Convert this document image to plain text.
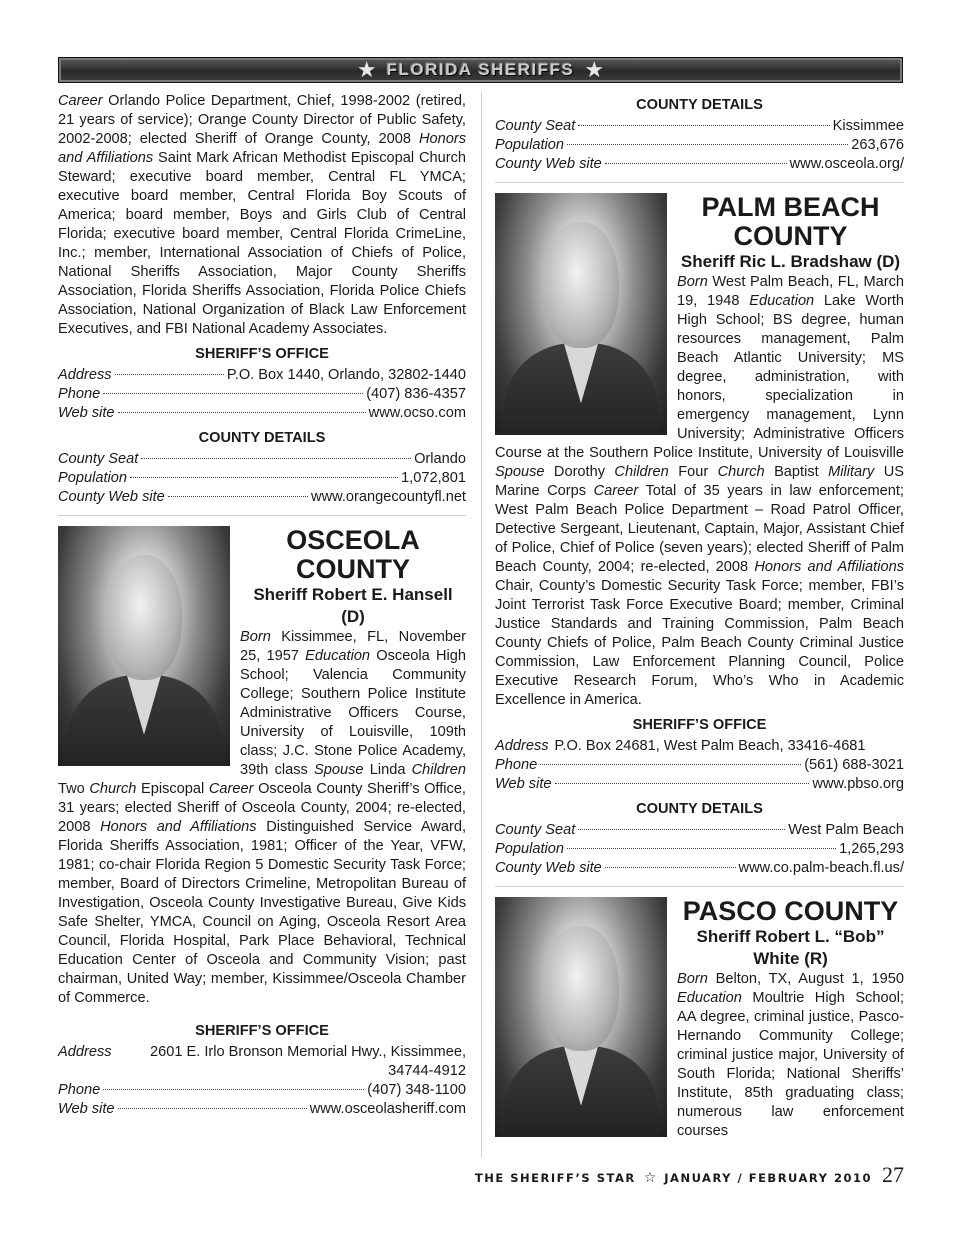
★ FLORIDA SHERIFFS ★

Career Orlando Police Department, Chief, 1998-2002 (retired, 21 years of service); Orange County Director of Public Safety, 2002-2008; elected Sheriff of Orange County, 2008 Honors and Affiliations Saint Mark African Methodist Episcopal Church Steward; executive board member, Central FL YMCA; executive board member, Central Florida Boy Scouts of America; board member, Boys and Girls Club of Central Florida; executive board member, Central Florida CrimeLine, Inc.; member, International Association of Chiefs of Police, National Sheriffs Association, Major County Sheriffs Association, Florida Sheriffs Association, Florida Police Chiefs Association, National Organization of Black Law Enforcement Executives, and FBI National Academy Associates.

SHERIFF’S OFFICE
Address	P.O. Box 1440, Orlando, 32802-1440
Phone	(407) 836-4357
Web site	www.ocso.com
COUNTY DETAILS
County Seat	Orlando
Population	1,072,801
County Web site	www.orangecountyfl.net
OSCEOLA COUNTY
Sheriff Robert E. Hansell (D)

Born Kissimmee, FL, November 25, 1957 Education Osceola High School; Valencia Community College; Southern Police Institute Administrative Officers Course, University of Louisville, 109th class; J.C. Stone Police Academy, 39th class Spouse Linda Children Two Church Episcopal Career Osceola County Sheriff’s Office, 31 years; elected Sheriff of Osceola County, 2004; re-elected, 2008 Honors and Affiliations Distinguished Service Award, Florida Sheriffs Association, 1981; Officer of the Year, VFW, 1981; co-chair Florida Region 5 Domestic Security Task Force; member, Board of Directors Crimeline, Metropolitan Bureau of Investigation, Osceola County Investigative Bureau, Give Kids Safe Shelter, YMCA, Council on Aging, Osceola Resort Area Council, Florida Hospital, Park Place Behavioral, Technical Education Center of Osceola and Community Vision; past chairman, United Way; member, Kissimmee/Osceola Chamber of Commerce.

SHERIFF’S OFFICE
Address	2601 E. Irlo Bronson Memorial Hwy., Kissimmee, 34744-4912
Phone	(407) 348-1100
Web site	www.osceolasheriff.com
COUNTY DETAILS
County Seat	Kissimmee
Population	263,676
County Web site	www.osceola.org/
PALM BEACH COUNTY
Sheriff Ric L. Bradshaw (D)

Born West Palm Beach, FL, March 19, 1948 Education Lake Worth High School; BS degree, human resources management, Palm Beach Atlantic University; MS degree, administration, with honors, specialization in emergency management, Lynn University; Administrative Officers Course at the Southern Police Institute, University of Louisville Spouse Dorothy Children Four Church Baptist Military US Marine Corps Career Total of 35 years in law enforcement; West Palm Beach Police Department – Road Patrol Officer, Detective Sergeant, Lieutenant, Captain, Major, Assistant Chief of Police, Chief of Police (seven years); elected Sheriff of Palm Beach County, 2004; re-elected, 2008 Honors and Affiliations Chair, County’s Domestic Security Task Force; member, FBI’s Joint Terrorist Task Force Executive Board; member, Criminal Justice Standards and Training Commission, Palm Beach County Chiefs of Police, Palm Beach County Criminal Justice Commission, Law Enforcement Planning Council, Police Executive Research Forum, Who’s Who in Academic Excellence in America.

SHERIFF’S OFFICE
Address P.O. Box 24681, West Palm Beach, 33416-4681
Phone	(561) 688-3021
Web site	www.pbso.org
COUNTY DETAILS
County Seat	West Palm Beach
Population	1,265,293
County Web site	www.co.palm-beach.fl.us/
PASCO COUNTY
Sheriff Robert L. “Bob” White (R)

Born Belton, TX, August 1, 1950 Education Moultrie High School; AA degree, criminal justice, Pasco-Hernando Community College; criminal justice major, University of South Florida; National Sheriffs’ Institute, 85th graduating class; numerous law enforcement courses

THE SHERIFF’S STAR ☆ JANUARY / FEBRUARY 2010 27
